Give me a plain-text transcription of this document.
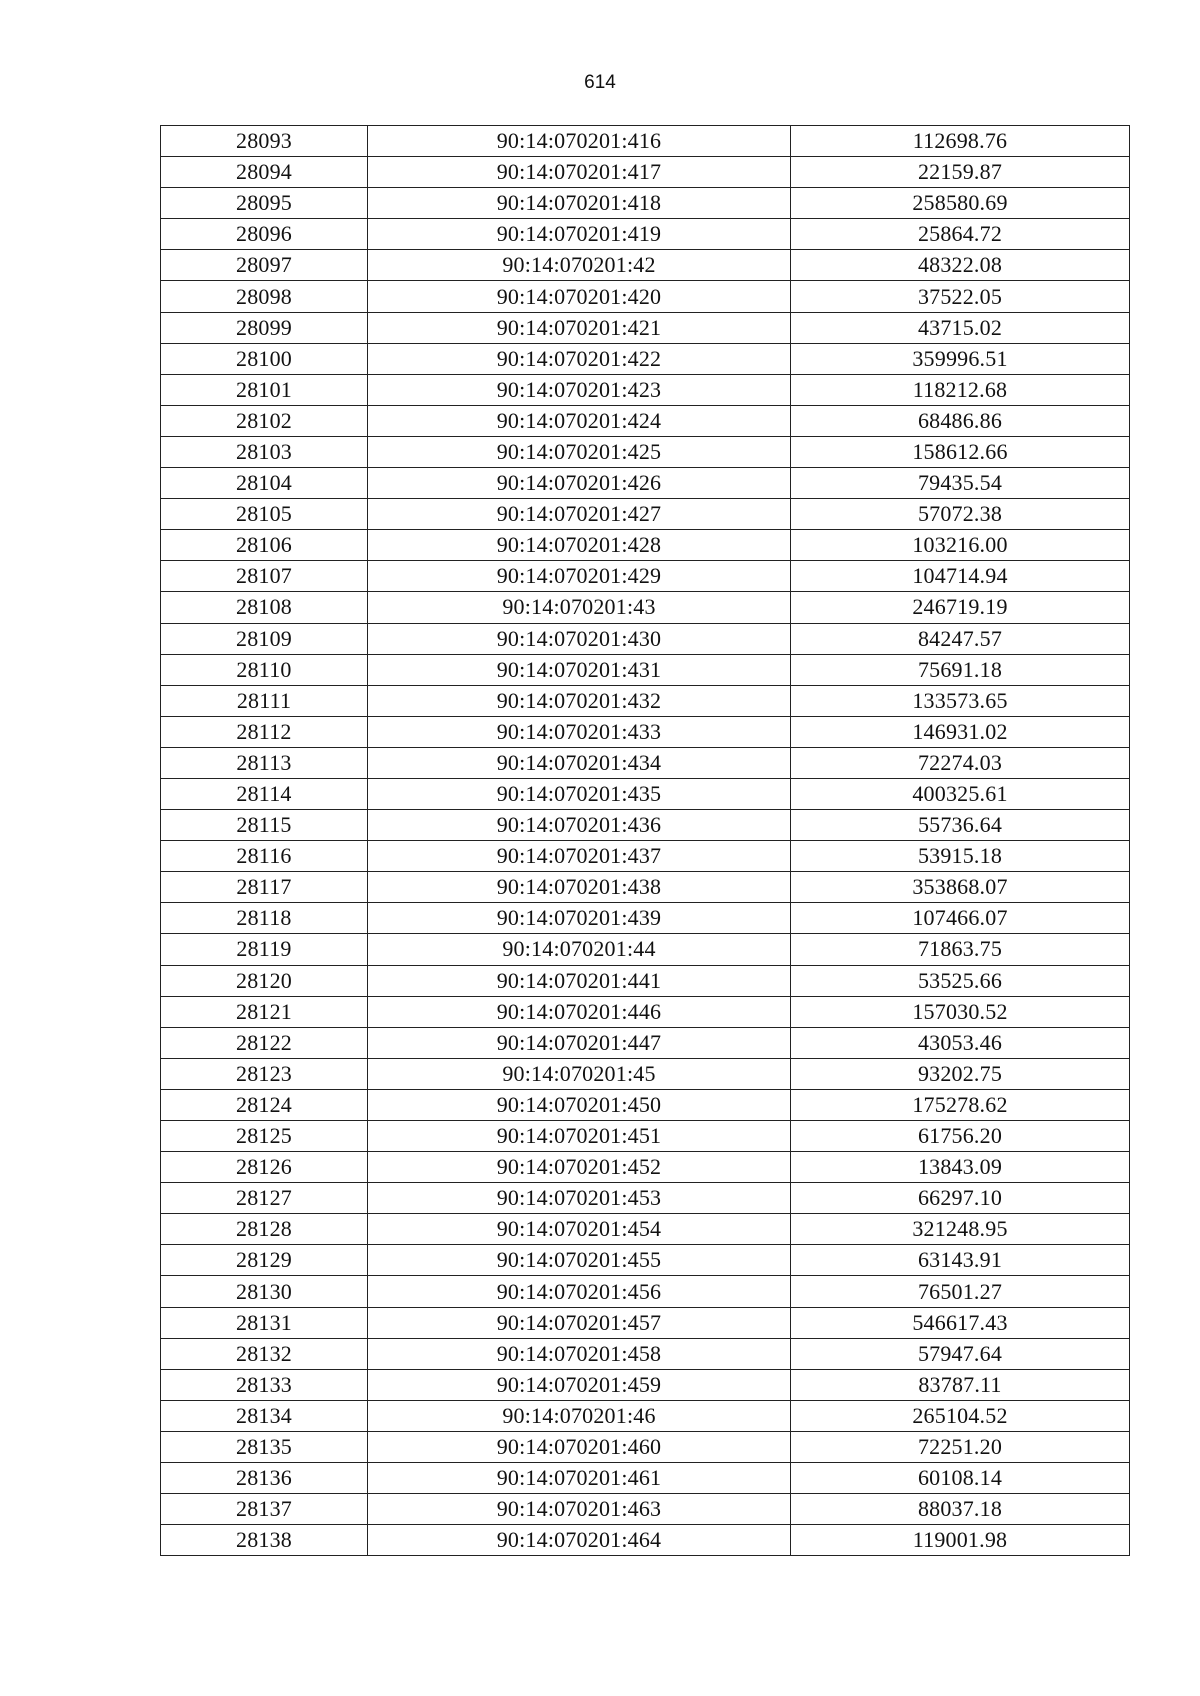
614
28093	90:14:070201:416	112698.76
28094	90:14:070201:417	22159.87
28095	90:14:070201:418	258580.69
28096	90:14:070201:419	25864.72
28097	90:14:070201:42	48322.08
28098	90:14:070201:420	37522.05
28099	90:14:070201:421	43715.02
28100	90:14:070201:422	359996.51
28101	90:14:070201:423	118212.68
28102	90:14:070201:424	68486.86
28103	90:14:070201:425	158612.66
28104	90:14:070201:426	79435.54
28105	90:14:070201:427	57072.38
28106	90:14:070201:428	103216.00
28107	90:14:070201:429	104714.94
28108	90:14:070201:43	246719.19
28109	90:14:070201:430	84247.57
28110	90:14:070201:431	75691.18
28111	90:14:070201:432	133573.65
28112	90:14:070201:433	146931.02
28113	90:14:070201:434	72274.03
28114	90:14:070201:435	400325.61
28115	90:14:070201:436	55736.64
28116	90:14:070201:437	53915.18
28117	90:14:070201:438	353868.07
28118	90:14:070201:439	107466.07
28119	90:14:070201:44	71863.75
28120	90:14:070201:441	53525.66
28121	90:14:070201:446	157030.52
28122	90:14:070201:447	43053.46
28123	90:14:070201:45	93202.75
28124	90:14:070201:450	175278.62
28125	90:14:070201:451	61756.20
28126	90:14:070201:452	13843.09
28127	90:14:070201:453	66297.10
28128	90:14:070201:454	321248.95
28129	90:14:070201:455	63143.91
28130	90:14:070201:456	76501.27
28131	90:14:070201:457	546617.43
28132	90:14:070201:458	57947.64
28133	90:14:070201:459	83787.11
28134	90:14:070201:46	265104.52
28135	90:14:070201:460	72251.20
28136	90:14:070201:461	60108.14
28137	90:14:070201:463	88037.18
28138	90:14:070201:464	119001.98
